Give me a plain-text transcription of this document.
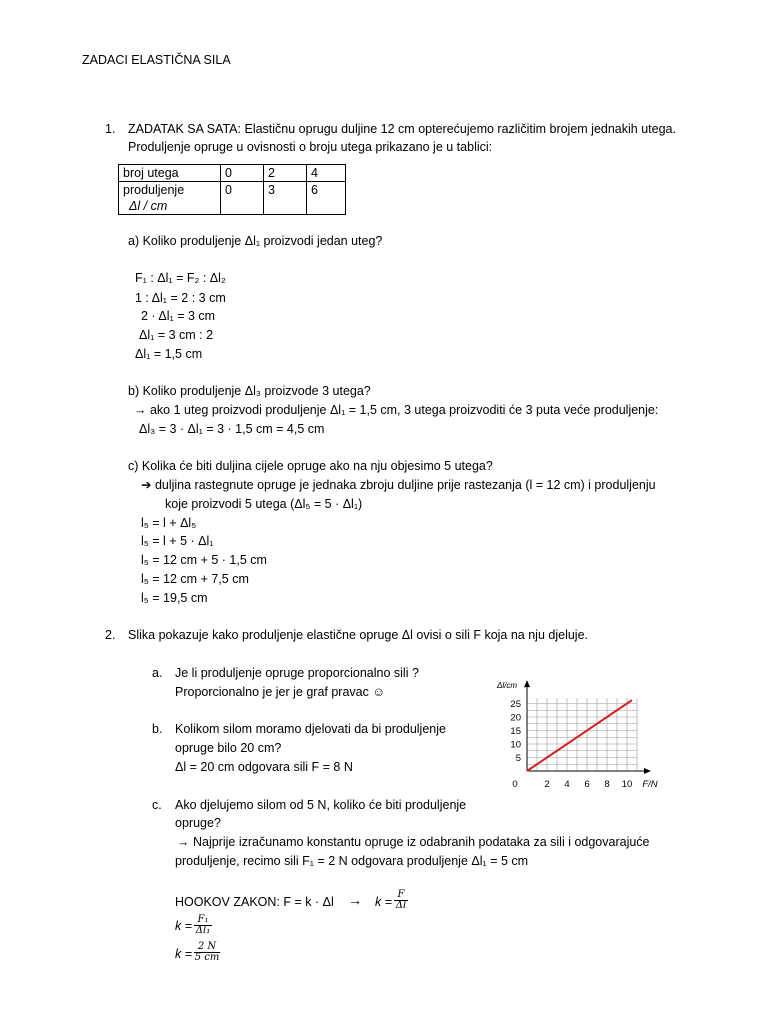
ZADACI ELASTIČNA SILA
1. ZADATAK SA SATA: Elastičnu oprugu duljine 12 cm opterećujemo različitim brojem jednakih utega.
Produljenje opruge u ovisnosti o broju utega prikazano je u tablici:
broj utega	0	2	4

produljenje
Δl / cm	0	3	6
a) Koliko produljenje Δl₁ proizvodi jedan uteg?
F₁ : Δl₁ = F₂ : Δl₂
1 : Δl₁ = 2 : 3 cm
2 · Δl₁ = 3 cm
Δl₁ = 3 cm : 2
Δl₁ = 1,5 cm
b) Koliko produljenje Δl₃ proizvode 3 utega?
→ ako 1 uteg proizvodi produljenje Δl₁ = 1,5 cm, 3 utega proizvoditi će 3 puta veće produljenje:
Δl₃ = 3 · Δl₁ = 3 · 1,5 cm = 4,5 cm
c) Kolika će biti duljina cijele opruge ako na nju objesimo 5 utega?
➔ duljina rastegnute opruge je jednaka zbroju duljine prije rastezanja (l = 12 cm) i produljenju
koje proizvodi 5 utega (Δl₅ = 5 · Δl₁)
l₅ = l + Δl₅
l₅ = l + 5 · Δl₁
l₅ = 12 cm + 5 · 1,5 cm
l₅ = 12 cm + 7,5 cm
l₅ = 19,5 cm
2. Slika pokazuje kako produljenje elastične opruge Δl ovisi o sili F koja na nju djeluje.
a. Je li produljenje opruge proporcionalno sili ?
Proporcionalno je jer je graf pravac ☺
b. Kolikom silom moramo djelovati da bi produljenje
opruge bilo 20 cm?
Δl = 20 cm odgovara sili F = 8 N
c. Ako djelujemo silom od 5 N, koliko će biti produljenje
opruge?
→ Najprije izračunamo konstantu opruge iz odabranih podataka za sili i odgovarajuće
produljenje, recimo sili F₁ = 2 N odgovara produljenje Δl₁ = 5 cm
HOOKOV ZAKON: $F = k \cdot \Delta l \to k = \frac{F}{\Delta l}$
$k = \frac{\text{F₁}}{\text{Δl₁}}$
$k = \frac{2 N}{5 cm}$
0	2 4 6 8 10
5
10
15
20
25
F/N
Δl/cm
